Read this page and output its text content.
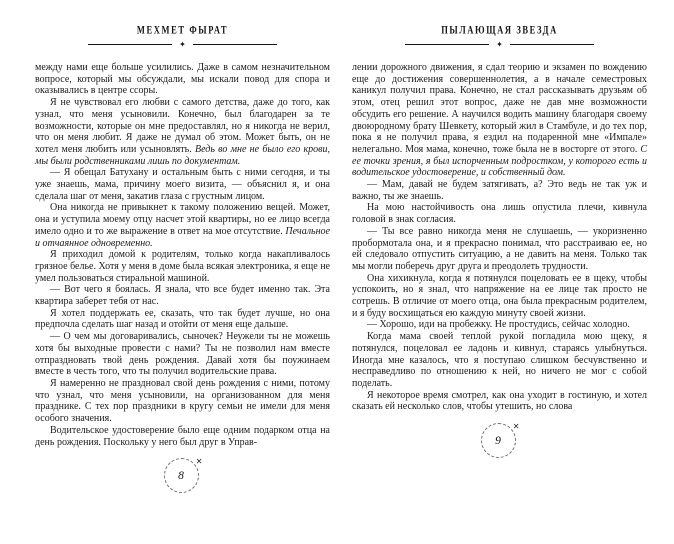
МЕХМЕТ ФЫРАТ
✦

между нами еще больше усилились. Даже в самом незначительном вопросе, который мы обсуждали, мы искали повод для спора и оказывались в центре ссоры.

Я не чувствовал его любви с самого детства, даже до того, как узнал, что меня усыновили. Конечно, был благодарен за те возможности, которые он мне предоставлял, но я никогда не верил, что он меня любит. Я даже не думал об этом. Может быть, он не хотел меня любить или усыновлять. Ведь во мне не было его крови, мы были родственниками лишь по документам.

— Я обещал Батухану и остальным быть с ними сегодня, и ты уже знаешь, мама, причину моего визита, — объяснил я, и она сделала шаг от меня, закатив глаза с грустным лицом.

Она никогда не привыкнет к такому положению вещей. Может, она и уступила моему отцу насчет этой квартиры, но ее лицо всегда имело одно и то же выражение в ответ на мое отсутствие. Печальное и отчаянное одновременно.

Я приходил домой к родителям, только когда накапливалось грязное белье. Хотя у меня в доме была всякая электроника, я еще не умел пользоваться стиральной машиной.

— Вот чего я боялась. Я знала, что все будет именно так. Эта квартира заберет тебя от нас.

Я хотел поддержать ее, сказать, что так будет лучше, но она предпочла сделать шаг назад и отойти от меня еще дальше.

— О чем мы договаривались, сыночек? Неужели ты не можешь хотя бы выходные провести с нами? Ты не позволил нам вместе отпраздновать твой день рождения. Давай хотя бы поужинаем вместе в честь того, что ты получил водительские права.

Я намеренно не праздновал свой день рождения с ними, потому что узнал, что меня усыновили, на организованном для меня празднике. С тех пор праздники в кругу семьи не имели для меня особого значения.

Водительское удостоверение было еще одним подарком отца на день рождения. Поскольку у него был друг в Управ-

8
✕
ПЫЛАЮЩАЯ ЗВЕЗДА
✦

лении дорожного движения, я сдал теорию и экзамен по вождению еще до достижения совершеннолетия, а в начале семестровых каникул получил права. Конечно, не стал рассказывать друзьям об этом, отец решил этот вопрос, даже не дав мне возможности обсудить его решение. А научился водить машину благодаря своему двоюродному брату Шевкету, который жил в Стамбуле, и до тех пор, пока я не получил права, я ездил на подаренной мне «Импале» нелегально. Моя мама, конечно, тоже была не в восторге от этого. С ее точки зрения, я был испорченным подростком, у которого есть и водительское удостоверение, и собственный дом.

— Мам, давай не будем затягивать, а? Это ведь не так уж и важно, ты же знаешь.

На мою настойчивость она лишь опустила плечи, кивнула головой в знак согласия.

— Ты все равно никогда меня не слушаешь, — укоризненно пробормотала она, и я прекрасно понимал, что расстраиваю ее, но ей следовало отпустить ситуацию, а не давить на меня. Только так мы могли поберечь друг друга и преодолеть трудности.

Она хихикнула, когда я потянулся поцеловать ее в щеку, чтобы успокоить, но я знал, что напряжение на ее лице так просто не сотрешь. В отличие от моего отца, она была прекрасным родителем, и я буду восхищаться ею каждую минуту своей жизни.

— Хорошо, иди на пробежку. Не простудись, сейчас холодно.

Когда мама своей теплой рукой погладила мою щеку, я потянулся, поцеловал ее ладонь и кивнул, стараясь улыбнуться. Иногда мне казалось, что я поступаю слишком бесчувственно и несправедливо по отношению к ней, но ничего не мог с собой поделать.

Я некоторое время смотрел, как она уходит в гостиную, и хотел сказать ей несколько слов, чтобы утешить, но слова

9
✕
